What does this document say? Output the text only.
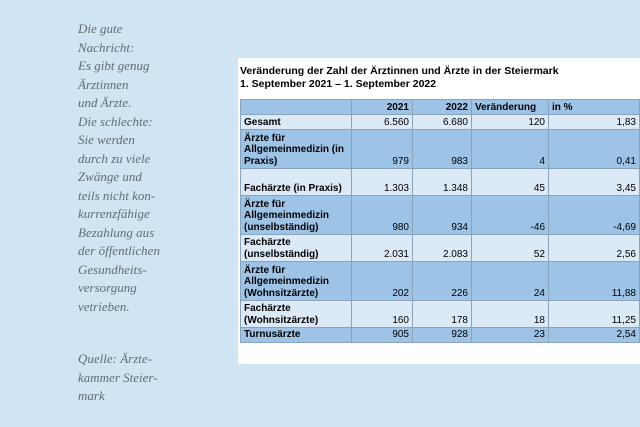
Die gute
Nachricht:
Es gibt genug
Ärztinnen
und Ärzte.
Die schlechte:
Sie werden
durch zu viele
Zwänge und
teils nicht kon-
kurrenzfähige
Bezahlung aus
der öffentlichen
Gesundheits-
versorgung
vetrieben.
Quelle: Ärzte-
kammer Steier-
mark
Veränderung der Zahl der Ärztinnen und Ärzte in der Steiermark
1. September 2021 – 1. September 2022
	2021	2022	Veränderung	in %
Gesamt	6.560	6.680	120	1,83
Ärzte für Allgemeinmedizin (in Praxis)	979	983	4	0,41
Fachärzte (in Praxis)	1.303	1.348	45	3,45
Ärzte für Allgemeinmedizin (unselbständig)	980	934	-46	-4,69
Fachärzte (unselbständig)	2.031	2.083	52	2,56
Ärzte für Allgemeinmedizin (Wohnsitzärzte)	202	226	24	11,88
Fachärzte (Wohnsitzärzte)	160	178	18	11,25
Turnusärzte	905	928	23	2,54
